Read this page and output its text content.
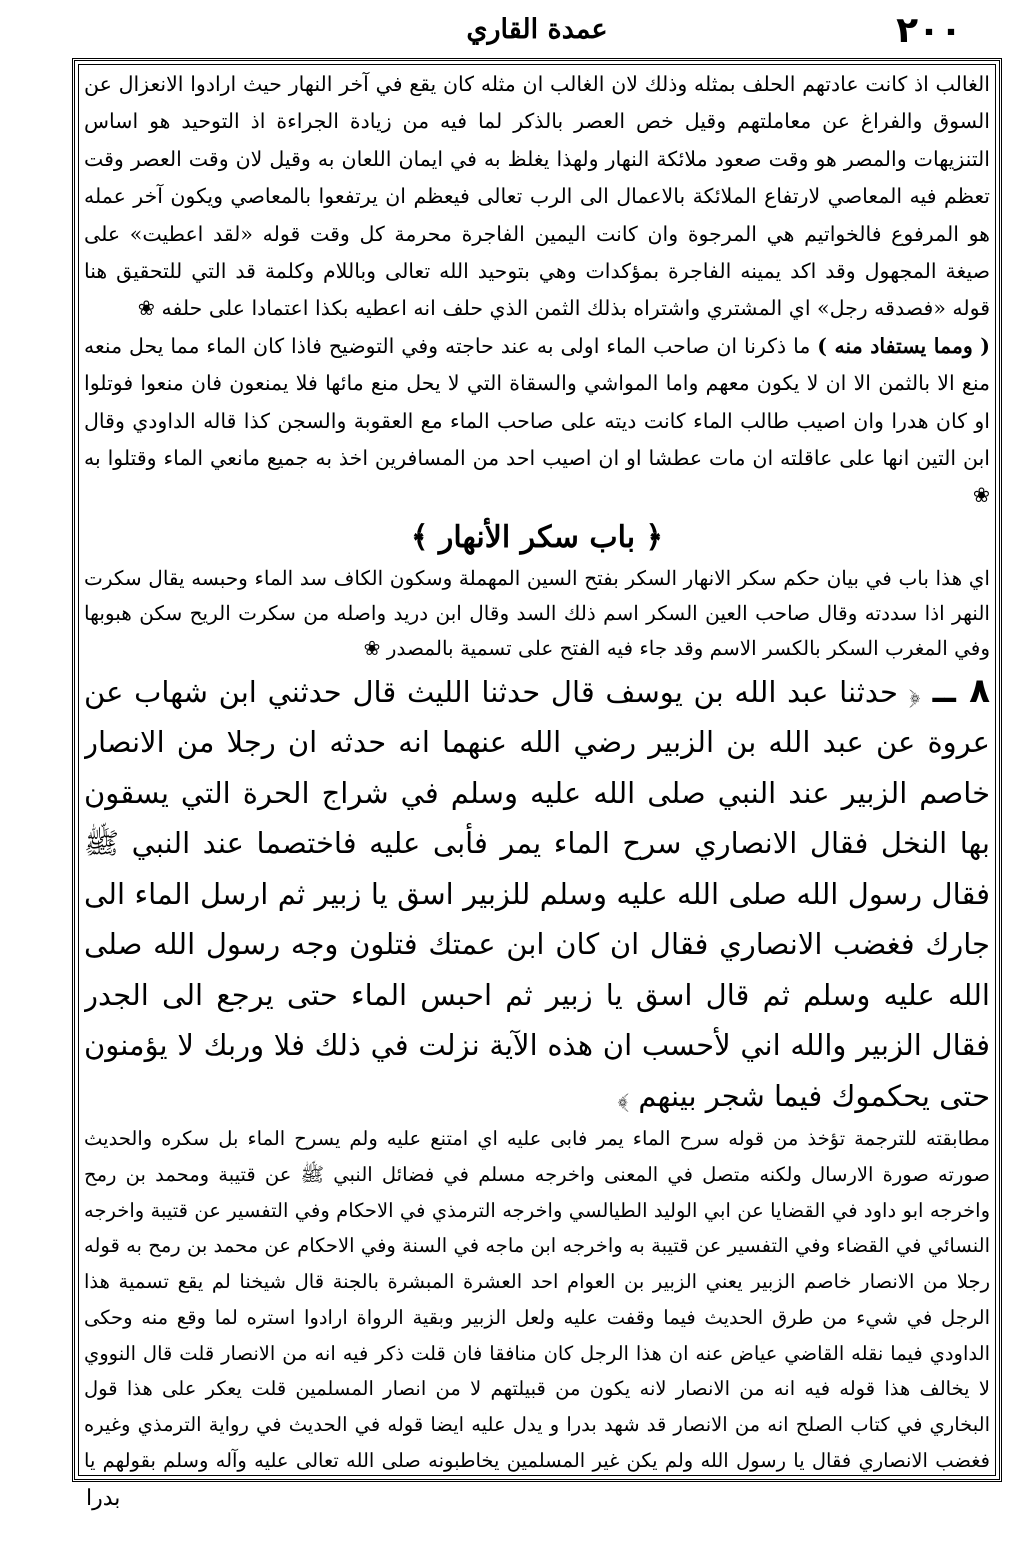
عمدة القاري	٢٠٠

الغالب اذ كانت عادتهم الحلف بمثله وذلك لان الغالب ان مثله كان يقع في آخر النهار حيث ارادوا الانعزال عن السوق والفراغ عن معاملتهم وقيل خص العصر بالذكر لما فيه من زيادة الجراءة اذ التوحيد هو اساس التنزيهات والمصر هو وقت صعود ملائكة النهار ولهذا يغلظ به في ايمان اللعان به وقيل لان وقت العصر وقت تعظم فيه المعاصي لارتفاع الملائكة بالاعمال الى الرب تعالى فيعظم ان يرتفعوا بالمعاصي ويكون آخر عمله هو المرفوع فالخواتيم هي المرجوة وان كانت اليمين الفاجرة محرمة كل وقت قوله «لقد اعطيت» على صيغة المجهول وقد اكد يمينه الفاجرة بمؤكدات وهي بتوحيد الله تعالى وباللام وكلمة قد التي للتحقيق هنا قوله «فصدقه رجل» اي المشتري واشتراه بذلك الثمن الذي حلف انه اعطيه بكذا اعتمادا على حلفه ❀

( ومما يستفاد منه ) ما ذكرنا ان صاحب الماء اولى به عند حاجته وفي التوضيح فاذا كان الماء مما يحل منعه منع الا بالثمن الا ان لا يكون معهم واما المواشي والسقاة التي لا يحل منع مائها فلا يمنعون فان منعوا فوتلوا او كان هدرا وان اصيب طالب الماء كانت ديته على صاحب الماء مع العقوبة والسجن كذا قاله الداودي وقال ابن التين انها على عاقلته ان مات عطشا او ان اصيب احد من المسافرين اخذ به جميع مانعي الماء وقتلوا به ❀

﴿ باب سكر الأنهار ﴾

اي هذا باب في بيان حكم سكر الانهار السكر بفتح السين المهملة وسكون الكاف سد الماء وحبسه يقال سكرت النهر اذا سددته وقال صاحب العين السكر اسم ذلك السد وقال ابن دريد واصله من سكرت الريح سكن هبوبها وفي المغرب السكر بالكسر الاسم وقد جاء فيه الفتح على تسمية بالمصدر ❀

٨ ــ﴿ حدثنا عبد الله بن يوسف قال حدثنا الليث قال حدثني ابن شهاب عن عروة عن عبد الله بن الزبير رضي الله عنهما انه حدثه ان رجلا من الانصار خاصم الزبير عند النبي صلى الله عليه وسلم في شراج الحرة التي يسقون بها النخل فقال الانصاري سرح الماء يمر فأبى عليه فاختصما عند النبي ﷺ فقال رسول الله صلى الله عليه وسلم للزبير اسق يا زبير ثم ارسل الماء الى جارك فغضب الانصاري فقال ان كان ابن عمتك فتلون وجه رسول الله صلى الله عليه وسلم ثم قال اسق يا زبير ثم احبس الماء حتى يرجع الى الجدر فقال الزبير والله اني لأحسب ان هذه الآية نزلت في ذلك فلا وربك لا يؤمنون حتى يحكموك فيما شجر بينهم ﴾

مطابقته للترجمة تؤخذ من قوله سرح الماء يمر فابى عليه اي امتنع عليه ولم يسرح الماء بل سكره والحديث صورته صورة الارسال ولكنه متصل في المعنى واخرجه مسلم في فضائل النبي ﷺ عن قتيبة ومحمد بن رمح واخرجه ابو داود في القضايا عن ابي الوليد الطيالسي واخرجه الترمذي في الاحكام وفي التفسير عن قتيبة واخرجه النسائي في القضاء وفي التفسير عن قتيبة به واخرجه ابن ماجه في السنة وفي الاحكام عن محمد بن رمح به قوله رجلا من الانصار خاصم الزبير يعني الزبير بن العوام احد العشرة المبشرة بالجنة قال شيخنا لم يقع تسمية هذا الرجل في شيء من طرق الحديث فيما وقفت عليه ولعل الزبير وبقية الرواة ارادوا استره لما وقع منه وحكى الداودي فيما نقله القاضي عياض عنه ان هذا الرجل كان منافقا فان قلت ذكر فيه انه من الانصار قلت قال النووي لا يخالف هذا قوله فيه انه من الانصار لانه يكون من قبيلتهم لا من انصار المسلمين قلت يعكر على هذا قول البخاري في كتاب الصلح انه من الانصار قد شهد بدرا و يدل عليه ايضا قوله في الحديث في رواية الترمذي وغيره فغضب الانصاري فقال يا رسول الله ولم يكن غير المسلمين يخاطبونه صلى الله تعالى عليه وآله وسلم بقولهم يا

بدرا
